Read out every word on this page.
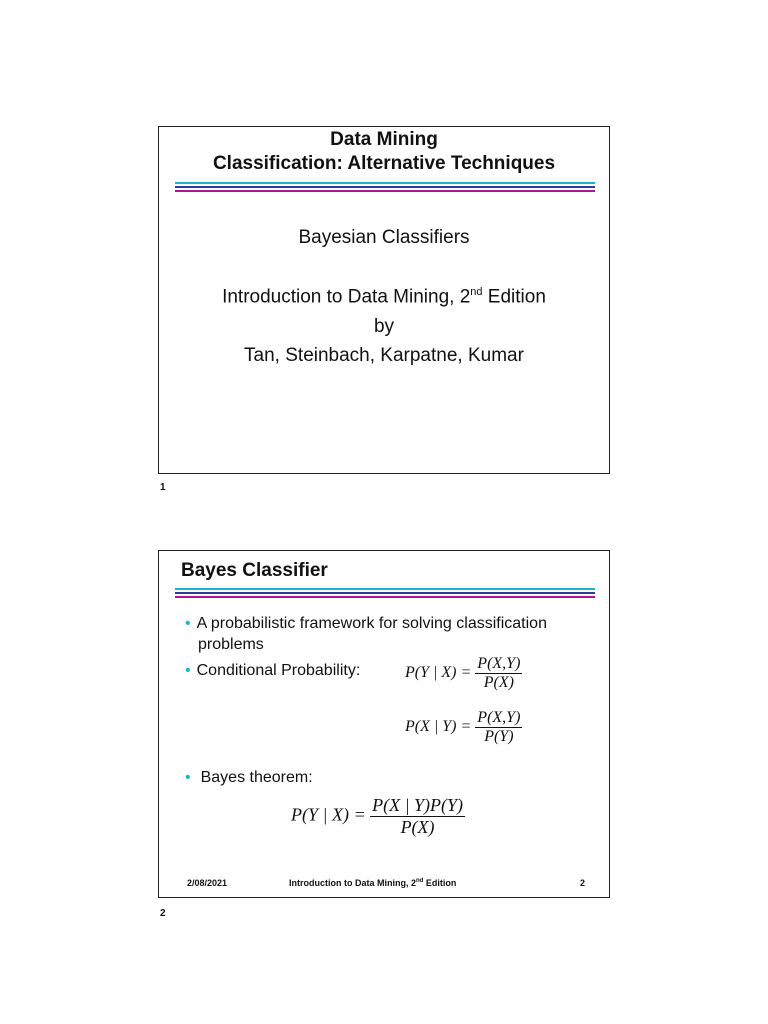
Data Mining
Classification: Alternative Techniques
Bayesian Classifiers
Introduction to Data Mining, 2nd Edition
by
Tan, Steinbach, Karpatne, Kumar
1
Bayes Classifier
• A probabilistic framework for solving classification
problems
• Conditional Probability:	P(Y | $X) = \frac{P(X,Y)}{P(X)}$
P(X | $Y) = \frac{P(X,Y)}{P(Y)}$
• Bayes theorem:
P(Y | $X) = \frac{P(X | Y)P(Y)}{P(X)}$
2/08/2021	Introduction to Data Mining, 2nd Edition	2
2
